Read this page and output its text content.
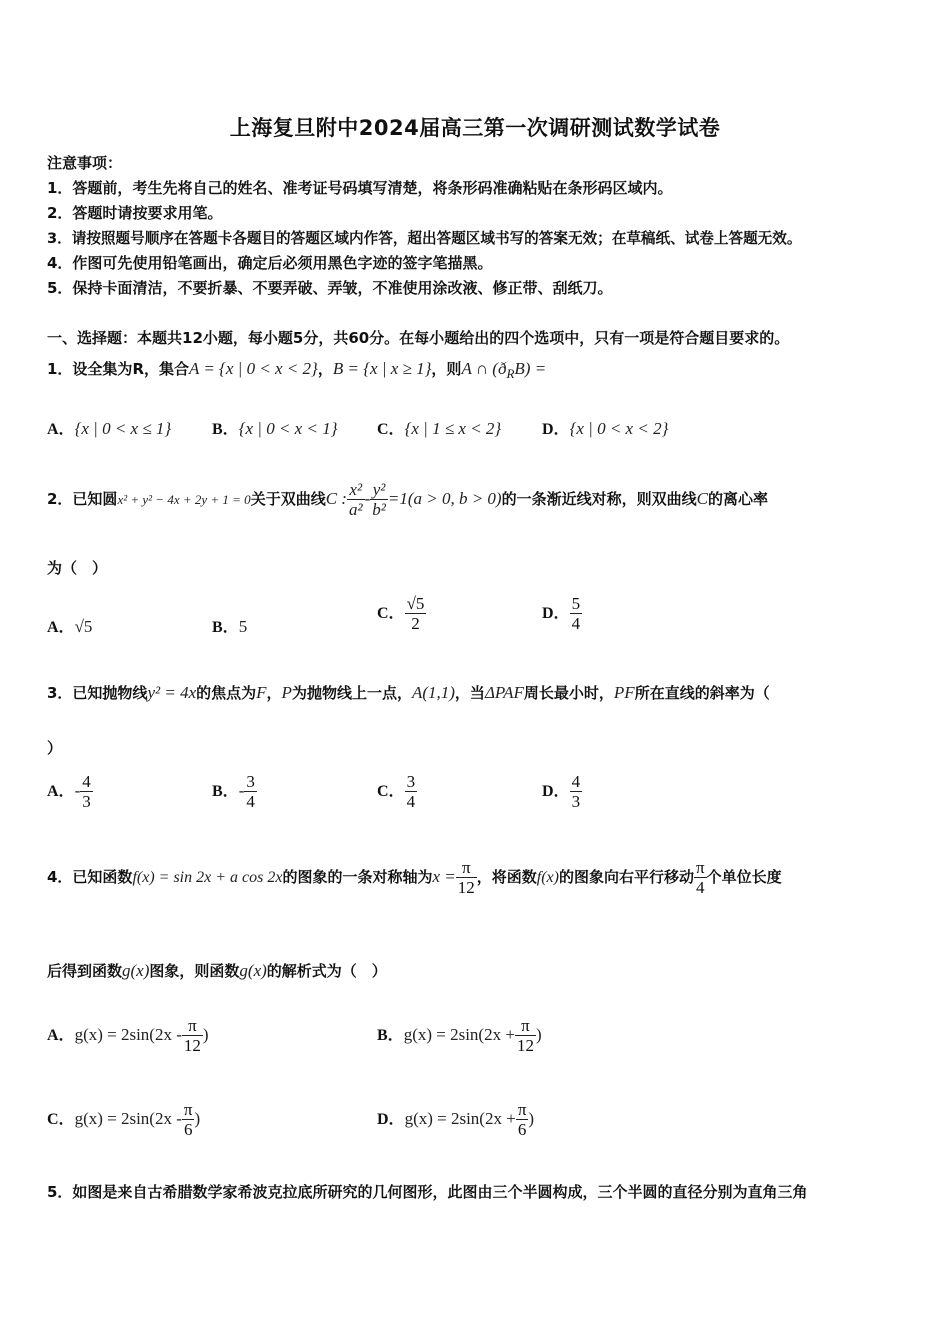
上海复旦附中2024届高三第一次调研测试数学试卷
注意事项：
1．答题前，考生先将自己的姓名、准考证号码填写清楚，将条形码准确粘贴在条形码区域内。
2．答题时请按要求用笔。
3．请按照题号顺序在答题卡各题目的答题区域内作答，超出答题区域书写的答案无效；在草稿纸、试卷上答题无效。
4．作图可先使用铅笔画出，确定后必须用黑色字迹的签字笔描黑。
5．保持卡面清洁，不要折暴、不要弄破、弄皱，不准使用涂改液、修正带、刮纸刀。
一、选择题：本题共12小题，每小题5分，共60分。在每小题给出的四个选项中，只有一项是符合题目要求的。
1．设全集为R，集合A = {x | 0 < x < 2}，B = {x | x ≥ 1}，则A ∩ $(ð_RB)$ =
A．{x | 0 < x ≤ 1}	B．{x | 0 < x < 1} C．{x | 1 ≤ x < 2}	D．{x | 0 < x < 2}
2．已知圆x² + y² − 4x + 2y + 1 = 0关于双曲线C : $\frac{\text{x²}}{\text{a²}} - \frac{\text{y²}}{\text{b²}} =1(a > 0$, b > 0)的一条渐近线对称，则双曲线C的离心率
为（　）
A．√5	B．5
C． $\frac{√5}{2}$	D． $\frac{5}{4}$
3．已知抛物线y² = 4x的焦点为F，P为抛物线上一点，A(1,1)，当ΔPAF周长最小时，PF所在直线的斜率为（
）
A．- $\frac{4}{3}$	B．- $\frac{3}{4}$	C． $\frac{3}{4}$	D． $\frac{4}{3}$
4．已知函数f(x) = sin 2x + a cos 2x的图象的一条对称轴为$x = \frac{\pi}{12}$ ，将函数f(x)的图象向右平行移动 $\frac{\pi}{4}$ 个单位长度
后得到函数g(x)图象，则函数g(x)的解析式为（　）
A．$g(x) = 2\sin(2x - \frac{\pi}{12}$ )	B．$g(x) = 2\sin(2x + \frac{\pi}{12}$ )
C．$g(x) = 2\sin(2x - \frac{\pi}{6}$ )	D．$g(x) = 2\sin(2x + \frac{\pi}{6}$ )
5．如图是来自古希腊数学家希波克拉底所研究的几何图形，此图由三个半圆构成，三个半圆的直径分别为直角三角
